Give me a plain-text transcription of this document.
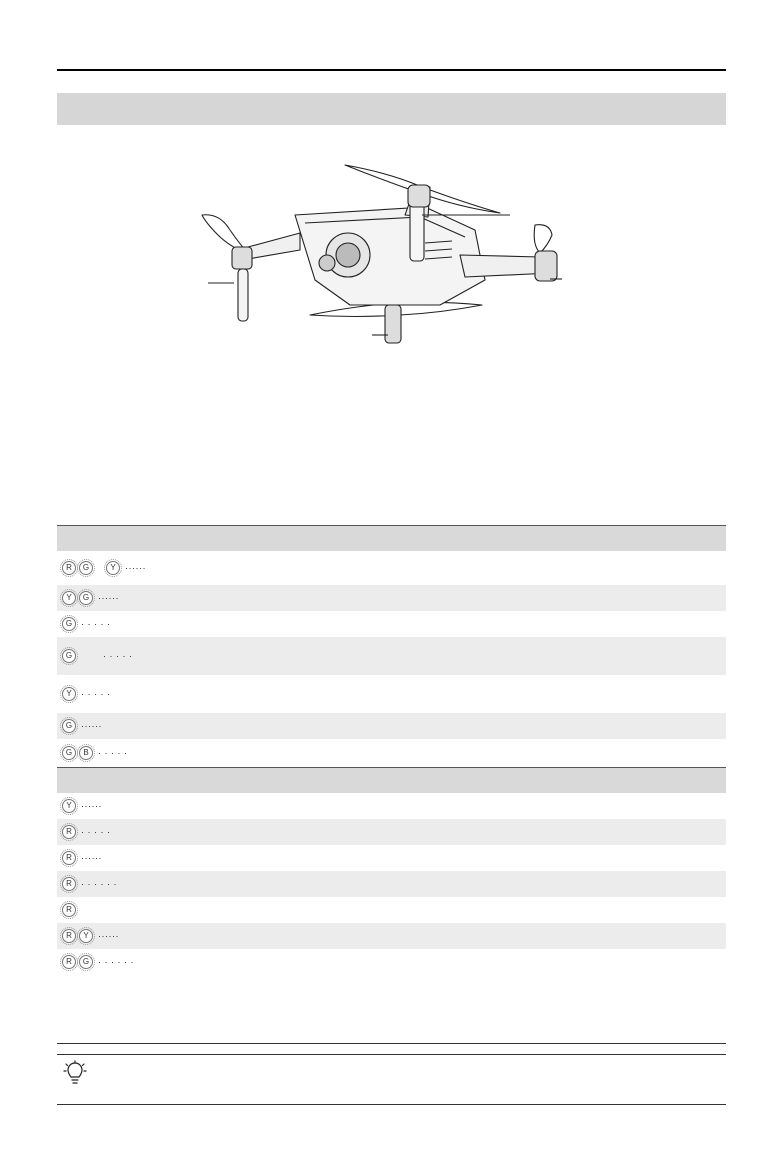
R	G	Y	······
Y	G ······
G · · · · ·
G	· · · · ·
Y	· · · · ·
G ······
G	B	· · · · ·
Y	······
R	· · · · ·
R	······
R	· · · · · ·
R
R	Y	······
R	G · · · · · ·
